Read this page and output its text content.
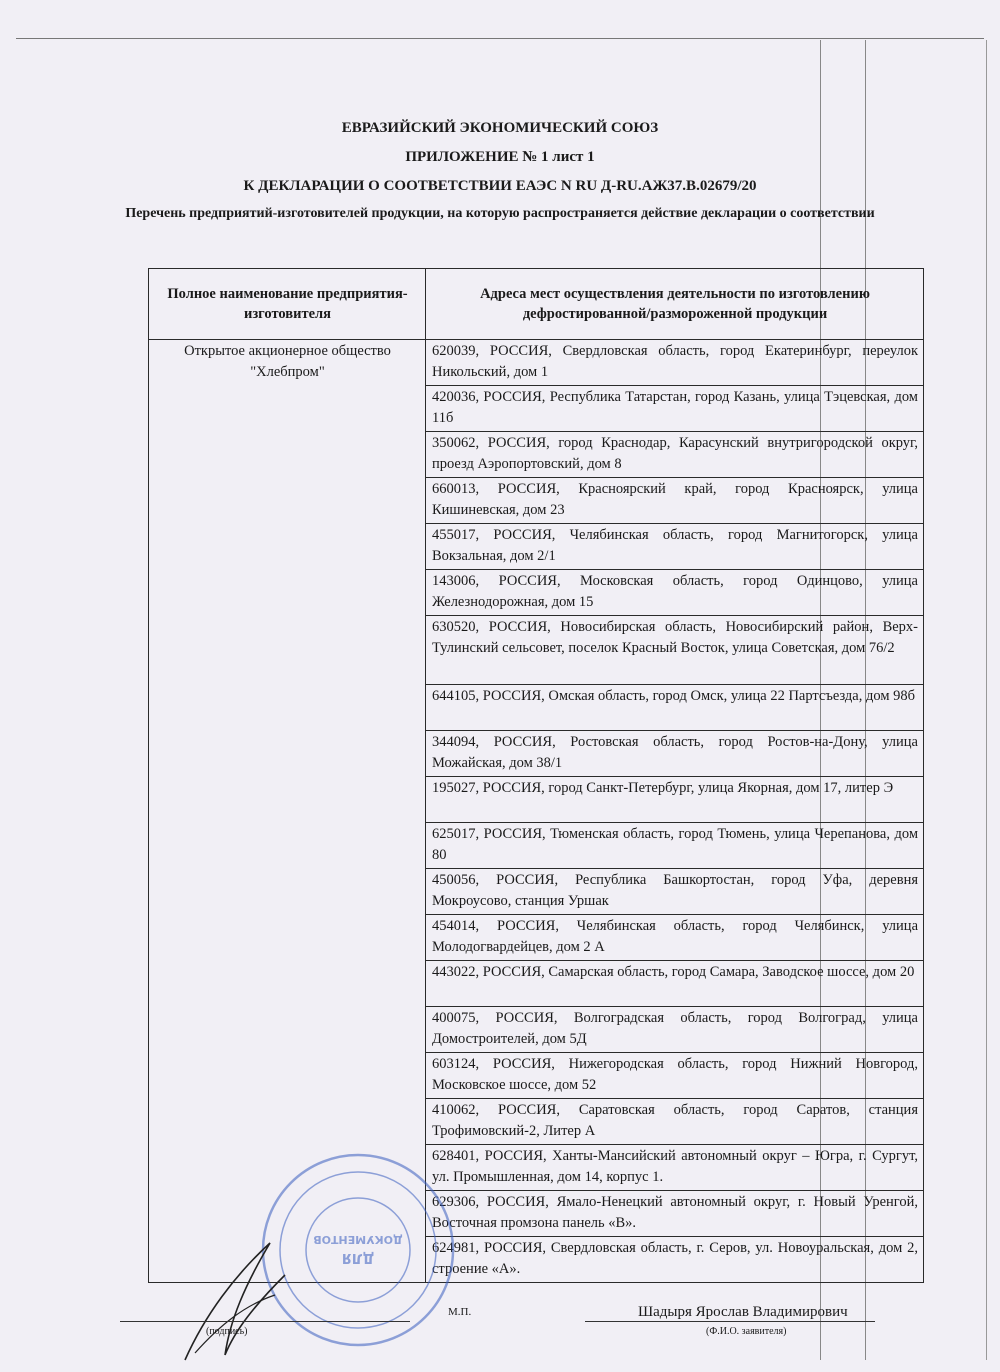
ЕВРАЗИЙСКИЙ ЭКОНОМИЧЕСКИЙ СОЮЗ
ПРИЛОЖЕНИЕ № 1 лист 1
К ДЕКЛАРАЦИИ О СООТВЕТСТВИИ ЕАЭС N RU Д-RU.АЖ37.В.02679/20
Перечень предприятий-изготовителей продукции, на которую распространяется действие декларации о соответствии
Полное наименование предприятия-изготовителя	Адреса мест осуществления деятельности по изготовлению дефростированной/размороженной продукции
Открытое акционерное общество "Хлебпром"	620039, РОССИЯ, Свердловская область, город Екатеринбург, переулок Никольский, дом 1
	420036, РОССИЯ, Республика Татарстан, город Казань, улица Тэцевская, дом 11б
	350062, РОССИЯ, город Краснодар, Карасунский внутригородской округ, проезд Аэропортовский, дом 8
	660013, РОССИЯ, Красноярский край, город Красноярск, улица Кишиневская, дом 23
	455017, РОССИЯ, Челябинская область, город Магнитогорск, улица Вокзальная, дом 2/1
	143006, РОССИЯ, Московская область, город Одинцово, улица Железнодорожная, дом 15
	630520, РОССИЯ, Новосибирская область, Новосибирский район, Верх-Тулинский сельсовет, поселок Красный Восток, улица Советская, дом 76/2
	644105, РОССИЯ, Омская область, город Омск, улица 22 Партсъезда, дом 98б
	344094, РОССИЯ, Ростовская область, город Ростов-на-Дону, улица Можайская, дом 38/1
	195027, РОССИЯ, город Санкт-Петербург, улица Якорная, дом 17, литер Э
	625017, РОССИЯ, Тюменская область, город Тюмень, улица Черепанова, дом 80
	450056, РОССИЯ, Республика Башкортостан, город Уфа, деревня Мокроусово, станция Уршак
	454014, РОССИЯ, Челябинская область, город Челябинск, улица Молодогвардейцев, дом 2 А
	443022, РОССИЯ, Самарская область, город Самара, Заводское шоссе, дом 20
	400075, РОССИЯ, Волгоградская область, город Волгоград, улица Домостроителей, дом 5Д
	603124, РОССИЯ, Нижегородская область, город Нижний Новгород, Московское шоссе, дом 52
	410062, РОССИЯ, Саратовская область, город Саратов, станция Трофимовский-2, Литер А
	628401, РОССИЯ, Ханты-Мансийский автономный округ – Югра, г. Сургут, ул. Промышленная, дом 14, корпус 1.
	629306, РОССИЯ, Ямало-Ненецкий автономный округ, г. Новый Уренгой, Восточная промзона панель «В».
	624981, РОССИЯ, Свердловская область, г. Серов, ул. Новоуральская, дом 2, строение «А».
ДЛЯ
ДОКУМЕНТОВ
(подпись)
М.П.	Шадыря Ярослав Владимирович
(Ф.И.О. заявителя)
